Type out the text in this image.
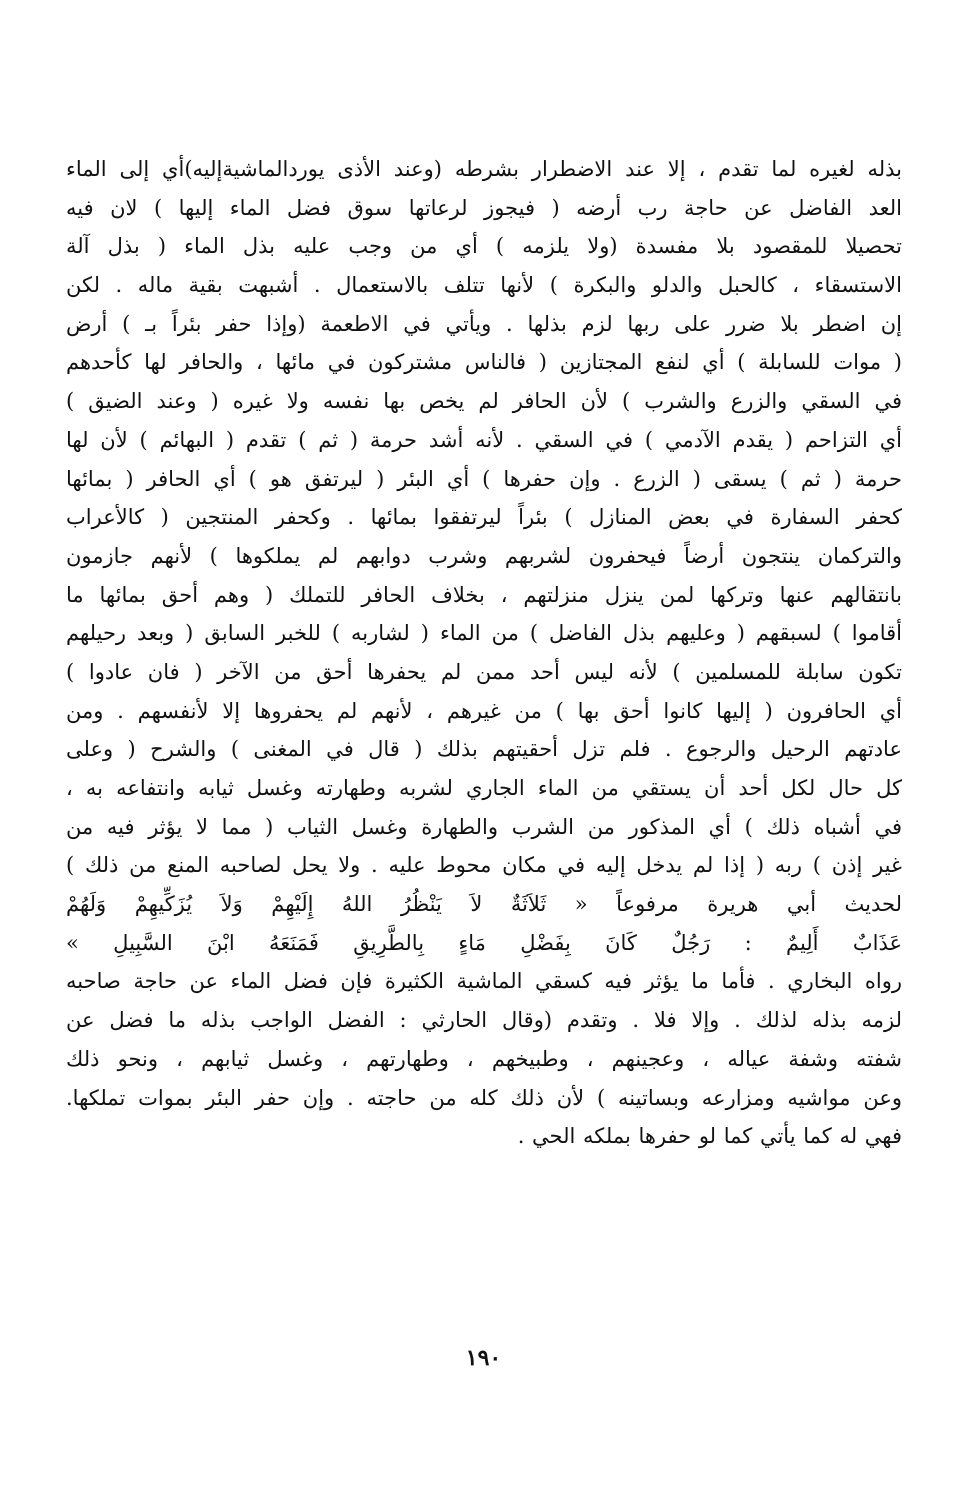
بذله لغيره لما تقدم ، إلا عند الاضطرار بشرطه (وعند الأذى يوردالماشيةإليه)أي إلى الماء
العد الفاضل عن حاجة رب أرضه ( فيجوز لرعاتها سوق فضل الماء إليها ) لان فيه
تحصيلا للمقصود بلا مفسدة (ولا يلزمه ) أي من وجب عليه بذل الماء ( بذل آلة
الاستسقاء ، كالحبل والدلو والبكرة ) لأنها تتلف بالاستعمال . أشبهت بقية ماله . لكن
إن اضطر بلا ضرر على ربها لزم بذلها . ويأتي في الاطعمة (وإذا حفر بئراً بـ ) أرض
( موات للسابلة ) أي لنفع المجتازين ( فالناس مشتركون في مائها ، والحافر لها كأحدهم
في السقي والزرع والشرب ) لأن الحافر لم يخص بها نفسه ولا غيره ( وعند الضيق )
أي التزاحم ( يقدم الآدمي ) في السقي . لأنه أشد حرمة ( ثم ) تقدم ( البهائم ) لأن لها
حرمة ( ثم ) يسقى ( الزرع . وإن حفرها ) أي البئر ( ليرتفق هو ) أي الحافر ( بمائها
كحفر السفارة في بعض المنازل ) بئراً ليرتفقوا بمائها . وكحفر المنتجين ( كالأعراب
والتركمان ينتجون أرضاً فيحفرون لشربهم وشرب دوابهم لم يملكوها ) لأنهم جازمون
بانتقالهم عنها وتركها لمن ينزل منزلتهم ، بخلاف الحافر للتملك ( وهم أحق بمائها ما
أقاموا ) لسبقهم ( وعليهم بذل الفاضل ) من الماء ( لشاربه ) للخبر السابق ( وبعد رحيلهم
تكون سابلة للمسلمين ) لأنه ليس أحد ممن لم يحفرها أحق من الآخر ( فان عادوا )
أي الحافرون ( إليها كانوا أحق بها ) من غيرهم ، لأنهم لم يحفروها إلا لأنفسهم . ومن
عادتهم الرحيل والرجوع . فلم تزل أحقيتهم بذلك ( قال في المغنى ) والشرح ( وعلى
كل حال لكل أحد أن يستقي من الماء الجاري لشربه وطهارته وغسل ثيابه وانتفاعه به ،
في أشباه ذلك ) أي المذكور من الشرب والطهارة وغسل الثياب ( مما لا يؤثر فيه من
غير إذن ) ربه ( إذا لم يدخل إليه في مكان محوط عليه . ولا يحل لصاحبه المنع من ذلك )
لحديث أبي هريرة مرفوعاً « ثَلاَثَةٌ لاَ يَنْظُرُ اللهُ إِلَيْهِمْ وَلاَ يُزَكِّيهِمْ وَلَهُمْ
عَذَابٌ أَلِيمٌ : رَجُلٌ كَانَ بِفَضْلِ مَاءٍ بِالطَّرِيقِ فَمَنَعَهُ ابْنَ السَّبِيلِ »
رواه البخاري . فأما ما يؤثر فيه كسقي الماشية الكثيرة فإن فضل الماء عن حاجة صاحبه
لزمه بذله لذلك . وإلا فلا . وتقدم (وقال الحارثي : الفضل الواجب بذله ما فضل عن
شفته وشفة عياله ، وعجينهم ، وطبيخهم ، وطهارتهم ، وغسل ثيابهم ، ونحو ذلك
وعن مواشيه ومزارعه وبساتينه ) لأن ذلك كله من حاجته . وإن حفر البئر بموات تملكها.
فهي له كما يأتي كما لو حفرها بملكه الحي .
١٩٠
